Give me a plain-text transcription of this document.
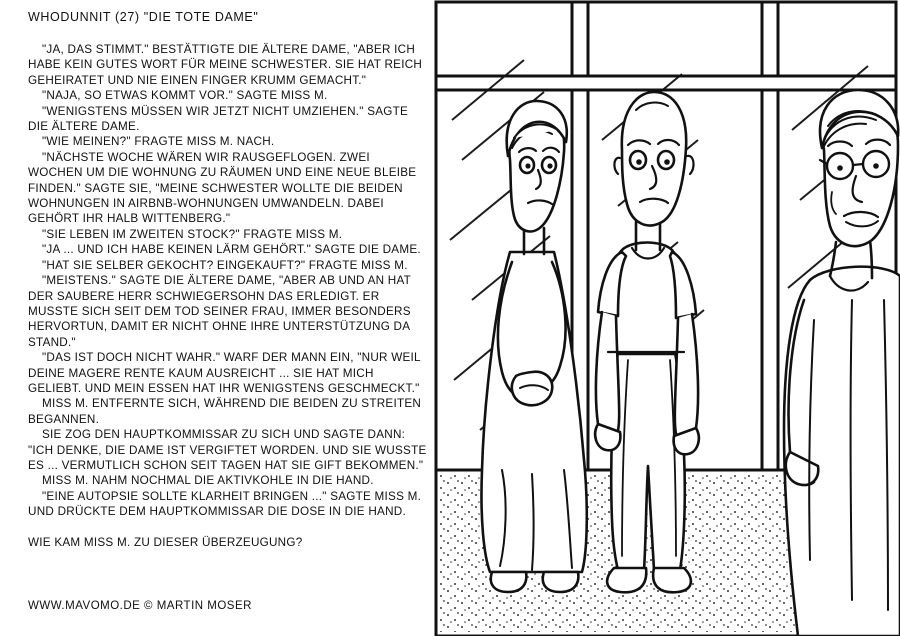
WHODUNNIT (27) "DIE TOTE DAME"

"JA, DAS STIMMT." BESTÄTTIGTE DIE ÄLTERE DAME, "ABER ICH HABE KEIN GUTES WORT FÜR MEINE SCHWESTER. SIE HAT REICH GEHEIRATET UND NIE EINEN FINGER KRUMM GEMACHT."

"NAJA, SO ETWAS KOMMT VOR." SAGTE MISS M.

"WENIGSTENS MÜSSEN WIR JETZT NICHT UMZIEHEN." SAGTE DIE ÄLTERE DAME.

"WIE MEINEN?" FRAGTE MISS M. NACH.

"NÄCHSTE WOCHE WÄREN WIR RAUSGEFLOGEN. ZWEI WOCHEN UM DIE WOHNUNG ZU RÄUMEN UND EINE NEUE BLEIBE FINDEN." SAGTE SIE, "MEINE SCHWESTER WOLLTE DIE BEIDEN WOHNUNGEN IN AIRBNB-WOHNUNGEN UMWANDELN. DABEI GEHÖRT IHR HALB WITTENBERG."

"SIE LEBEN IM ZWEITEN STOCK?" FRAGTE MISS M.

"JA ... UND ICH HABE KEINEN LÄRM GEHÖRT." SAGTE DIE DAME.

"HAT SIE SELBER GEKOCHT? EINGEKAUFT?" FRAGTE MISS M.

"MEISTENS." SAGTE DIE ÄLTERE DAME, "ABER AB UND AN HAT DER SAUBERE HERR SCHWIEGERSOHN DAS ERLEDIGT. ER MUSSTE SICH SEIT DEM TOD SEINER FRAU, IMMER BESONDERS HERVORTUN, DAMIT ER NICHT OHNE IHRE UNTERSTÜTZUNG DA STAND."

"DAS IST DOCH NICHT WAHR." WARF DER MANN EIN, "NUR WEIL DEINE MAGERE RENTE KAUM AUSREICHT ... SIE HAT MICH GELIEBT. UND MEIN ESSEN HAT IHR WENIGSTENS GESCHMECKT."

MISS M. ENTFERNTE SICH, WÄHREND DIE BEIDEN ZU STREITEN BEGANNEN.

SIE ZOG DEN HAUPTKOMMISSAR ZU SICH UND SAGTE DANN: "ICH DENKE, DIE DAME IST VERGIFTET WORDEN. UND SIE WUSSTE ES ... VERMUTLICH SCHON SEIT TAGEN HAT SIE GIFT BEKOMMEN."

MISS M. NAHM NOCHMAL DIE AKTIVKOHLE IN DIE HAND.

"EINE AUTOPSIE SOLLTE KLARHEIT BRINGEN ..." SAGTE MISS M. UND DRÜCKTE DEM HAUPTKOMMISSAR DIE DOSE IN DIE HAND.

WIE KAM MISS M. ZU DIESER ÜBERZEUGUNG?

WWW.MAVOMO.DE © MARTIN MOSER
